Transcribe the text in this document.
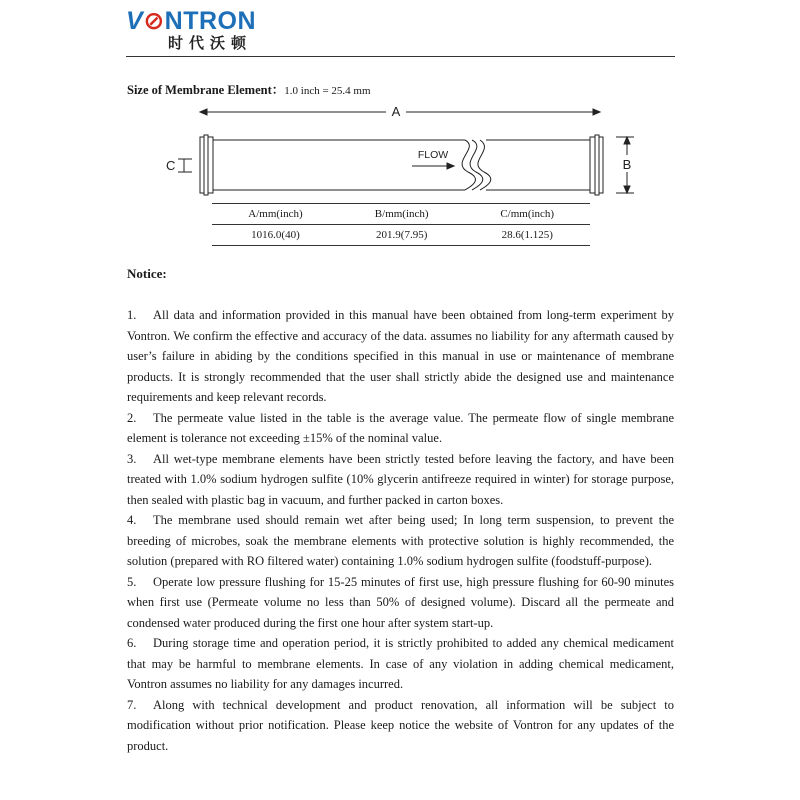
V⊘NTRON
时代沃顿
Size of Membrane Element：1.0 inch = 25.4 mm
A
FLOW
C	B
A/mm(inch)	B/mm(inch)	C/mm(inch)
1016.0(40)	201.9(7.95)	28.6(1.125)
Notice:

1. All data and information provided in this manual have been obtained from long-term experiment by Vontron. We confirm the effective and accuracy of the data. assumes no liability for any aftermath caused by user’s failure in abiding by the conditions specified in this manual in use or maintenance of membrane products. It is strongly recommended that the user shall strictly abide the designed use and maintenance requirements and keep relevant records.

2. The permeate value listed in the table is the average value. The permeate flow of single membrane element is tolerance not exceeding ±15% of the nominal value.

3. All wet-type membrane elements have been strictly tested before leaving the factory, and have been treated with 1.0% sodium hydrogen sulfite (10% glycerin antifreeze required in winter) for storage purpose, then sealed with plastic bag in vacuum, and further packed in carton boxes.

4. The membrane used should remain wet after being used; In long term suspension, to prevent the breeding of microbes, soak the membrane elements with protective solution is highly recommended, the solution (prepared with RO filtered water) containing 1.0% sodium hydrogen sulfite (foodstuff-purpose).

5. Operate low pressure flushing for 15-25 minutes of first use, high pressure flushing for 60-90 minutes when first use (Permeate volume no less than 50% of designed volume). Discard all the permeate and condensed water produced during the first one hour after system start-up.

6. During storage time and operation period, it is strictly prohibited to added any chemical medicament that may be harmful to membrane elements. In case of any violation in adding chemical medicament, Vontron assumes no liability for any damages incurred.

7. Along with technical development and product renovation, all information will be subject to modification without prior notification. Please keep notice the website of Vontron for any updates of the product.
